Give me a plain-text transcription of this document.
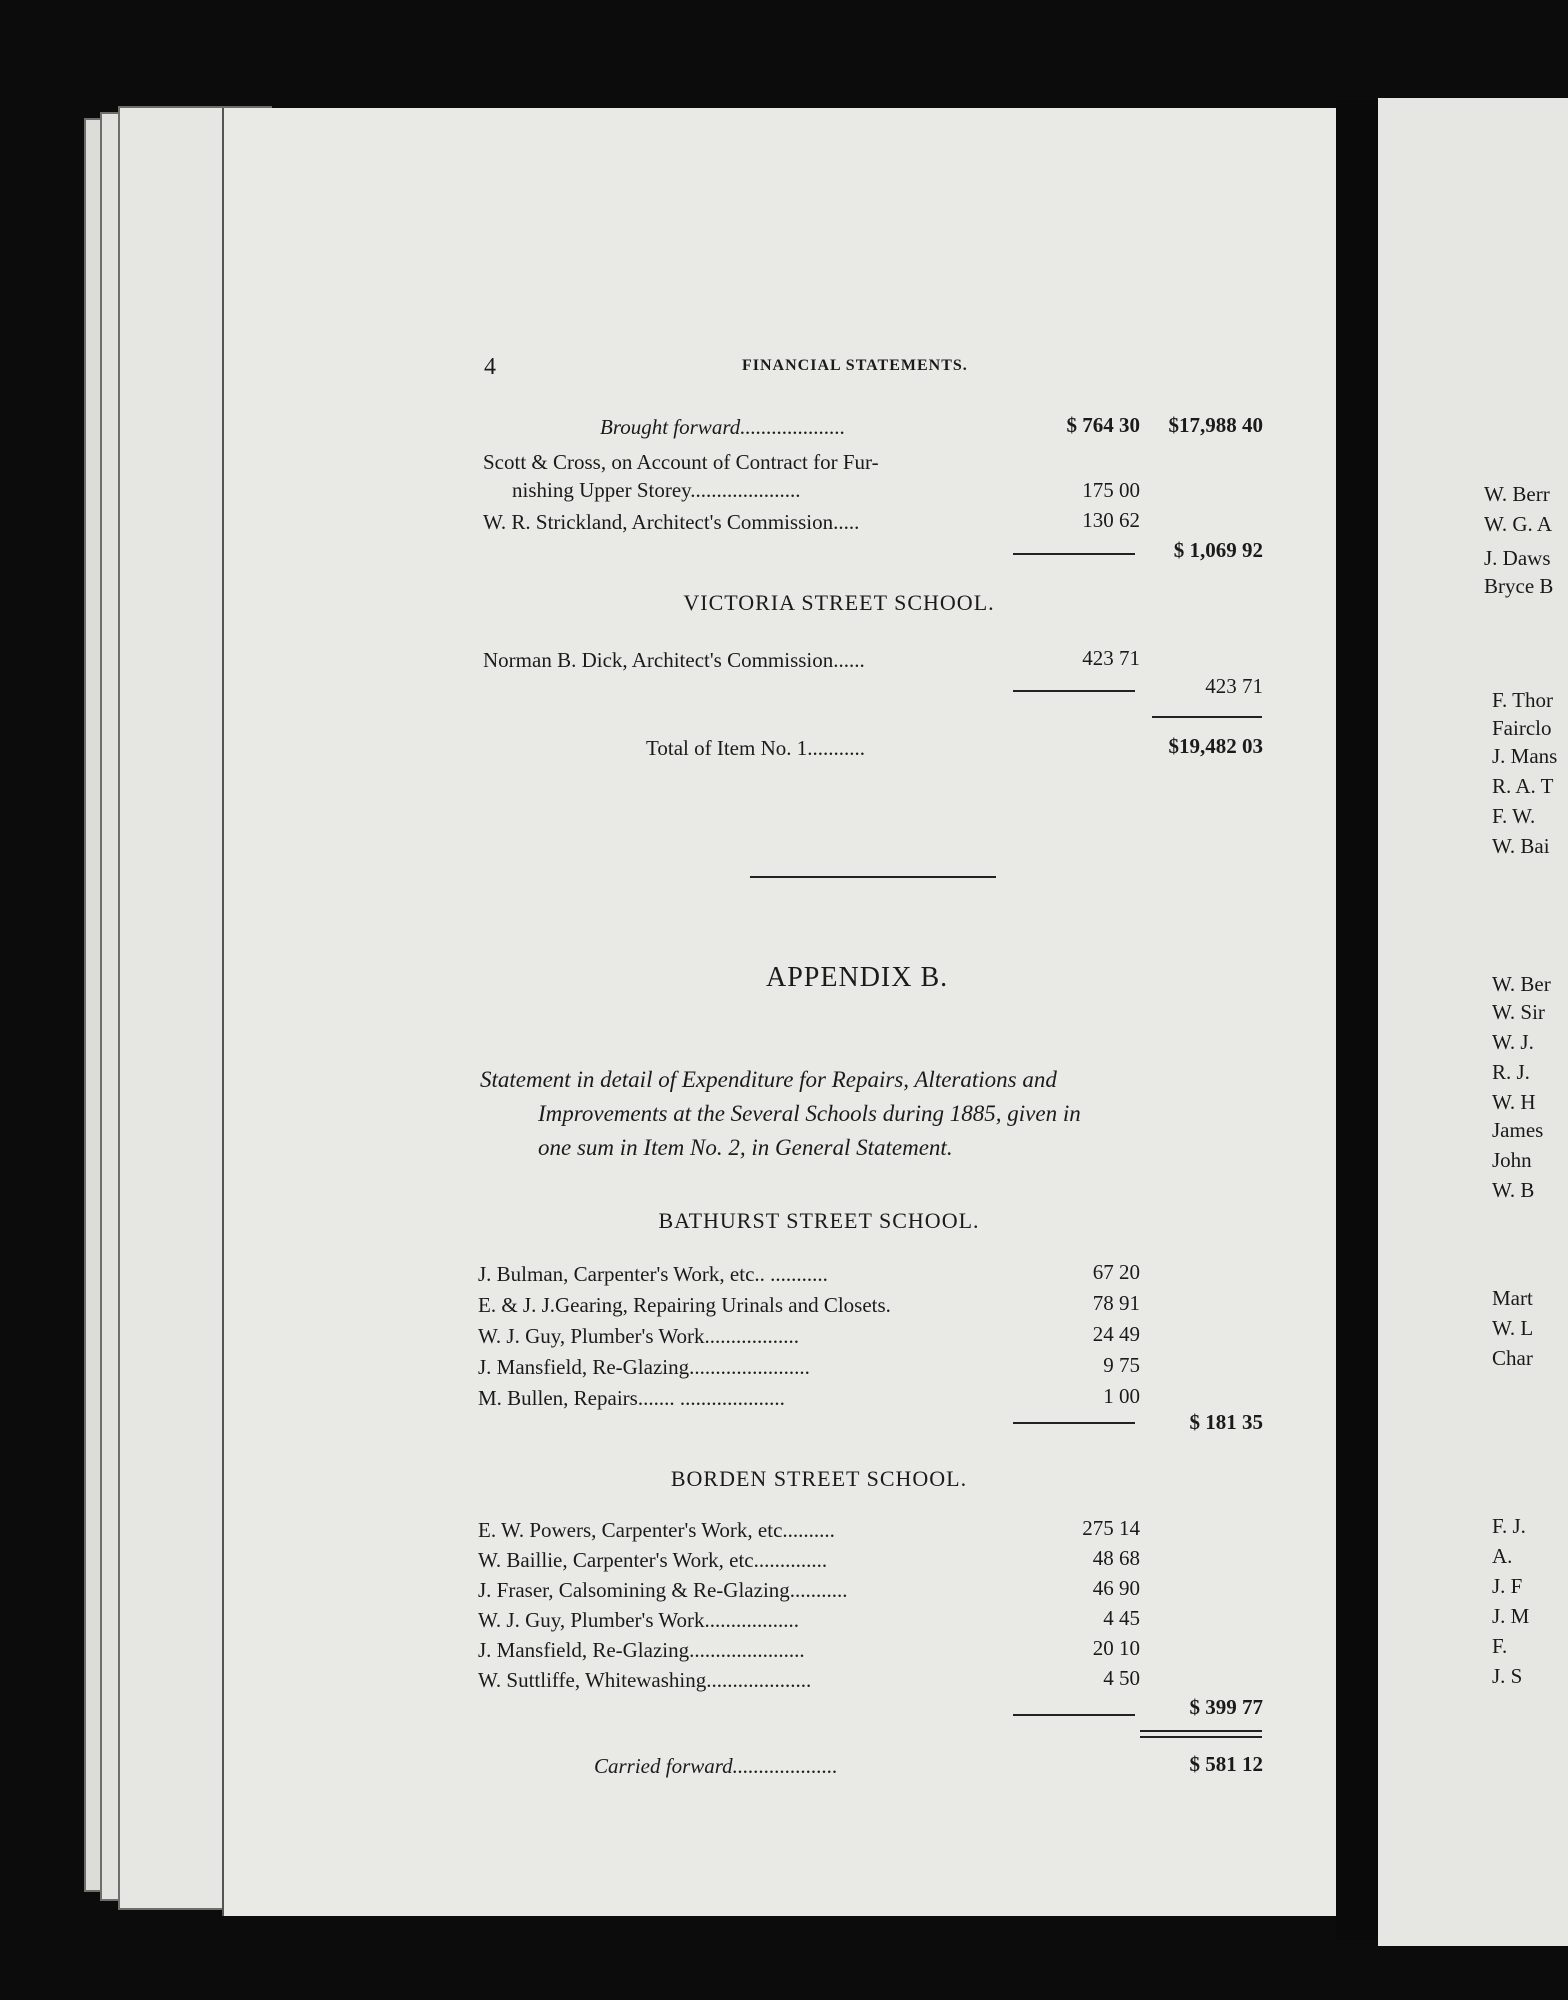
W. Berr
W. G. A
J. Daws
Bryce B
F. Thor
Fairclo
J. Mans
R. A. T
F. W.
W. Bai
W. Ber
W. Sir
W. J.
R. J.
W. H
James
John
W. B
Mart
W. L
Char
F. J.
A.
J. F
J. M
F.
J. S
4	FINANCIAL STATEMENTS.
Brought forward....................	$ 764 30 $17,988 40
Scott & Cross, on Account of Contract for Fur-
nishing Upper Storey.....................	175 00
W. R. Strickland, Architect's Commission.....	130 62
$ 1,069 92
VICTORIA STREET SCHOOL.
Norman B. Dick, Architect's Commission......	423 71
423 71
Total of Item No. 1...........	$19,482 03
APPENDIX B.
Statement in detail of Expenditure for Repairs, Alterations and
Improvements at the Several Schools during 1885, given in
one sum in Item No. 2, in General Statement.
BATHURST STREET SCHOOL.
J. Bulman, Carpenter's Work, etc.. ...........	67 20
E. & J. J.Gearing, Repairing Urinals and Closets.	78 91
W. J. Guy, Plumber's Work..................	24 49
J. Mansfield, Re-Glazing.......................	9 75
M. Bullen, Repairs....... ....................	1 00
$ 181 35
BORDEN STREET SCHOOL.
E. W. Powers, Carpenter's Work, etc..........	275 14
W. Baillie, Carpenter's Work, etc..............	48 68
J. Fraser, Calsomining & Re-Glazing...........	46 90
W. J. Guy, Plumber's Work..................	4 45
J. Mansfield, Re-Glazing......................	20 10
W. Suttliffe, Whitewashing....................	4 50
$ 399 77
Carried forward....................	$ 581 12
